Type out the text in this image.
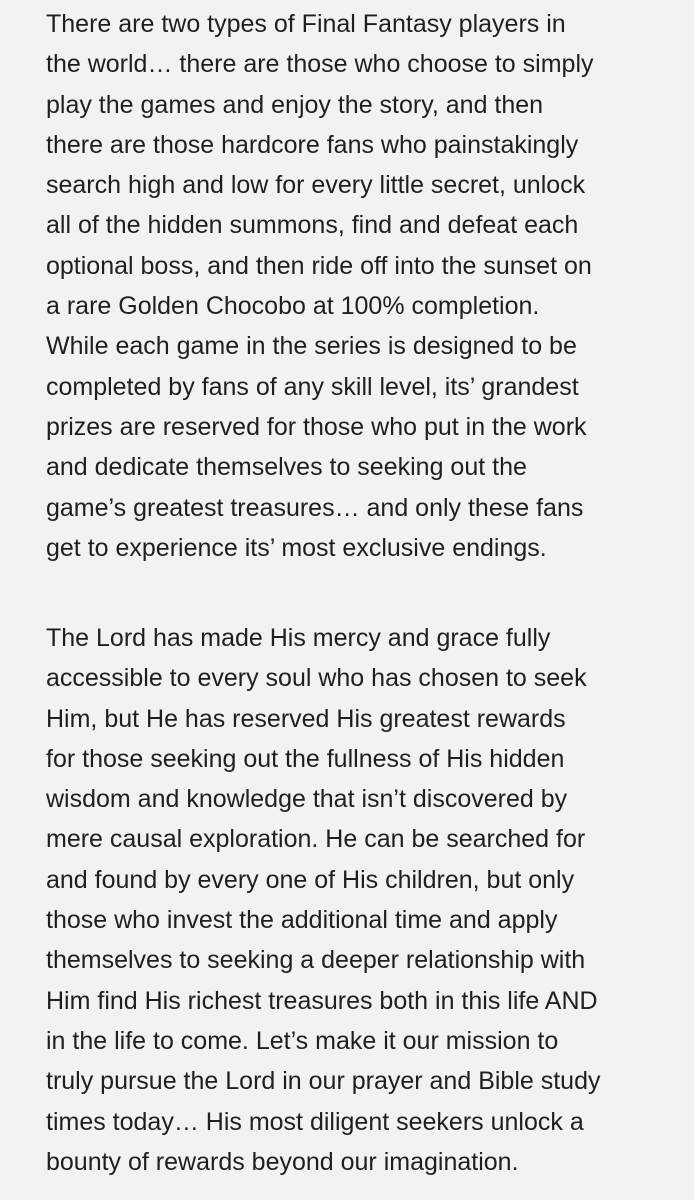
There are two types of Final Fantasy players in
the world… there are those who choose to simply
play the games and enjoy the story, and then
there are those hardcore fans who painstakingly
search high and low for every little secret, unlock
all of the hidden summons, find and defeat each
optional boss, and then ride off into the sunset on
a rare Golden Chocobo at 100% completion.
While each game in the series is designed to be
completed by fans of any skill level, its’ grandest
prizes are reserved for those who put in the work
and dedicate themselves to seeking out the
game’s greatest treasures… and only these fans
get to experience its’ most exclusive endings.

The Lord has made His mercy and grace fully
accessible to every soul who has chosen to seek
Him, but He has reserved His greatest rewards
for those seeking out the fullness of His hidden
wisdom and knowledge that isn’t discovered by
mere causal exploration. He can be searched for
and found by every one of His children, but only
those who invest the additional time and apply
themselves to seeking a deeper relationship with
Him find His richest treasures both in this life AND
in the life to come. Let’s make it our mission to
truly pursue the Lord in our prayer and Bible study
times today… His most diligent seekers unlock a
bounty of rewards beyond our imagination.
